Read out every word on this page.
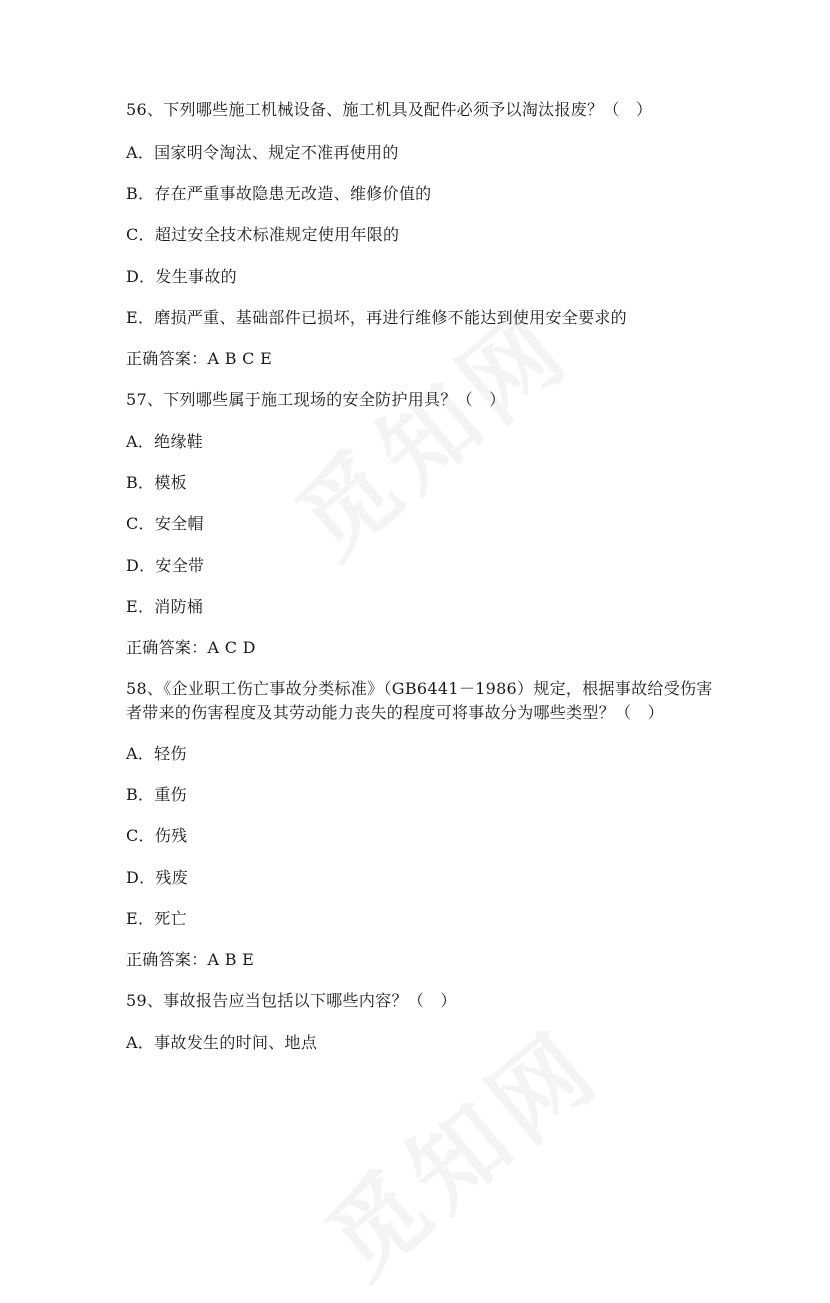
56、下列哪些施工机械设备、施工机具及配件必须予以淘汰报废？（　）
A．国家明令淘汰、规定不准再使用的
B．存在严重事故隐患无改造、维修价值的
C．超过安全技术标准规定使用年限的
D．发生事故的
E．磨损严重、基础部件已损坏，再进行维修不能达到使用安全要求的
正确答案：A B C E
57、下列哪些属于施工现场的安全防护用具？（　）
A．绝缘鞋
B．模板
C．安全帽
D．安全带
E．消防桶
正确答案：A C D
58、《企业职工伤亡事故分类标准》（GB6441－1986）规定，根据事故给受伤害
者带来的伤害程度及其劳动能力丧失的程度可将事故分为哪些类型？（　）
A．轻伤
B．重伤
C．伤残
D．残废
E．死亡
正确答案：A B E
59、事故报告应当包括以下哪些内容？（　）
A．事故发生的时间、地点
